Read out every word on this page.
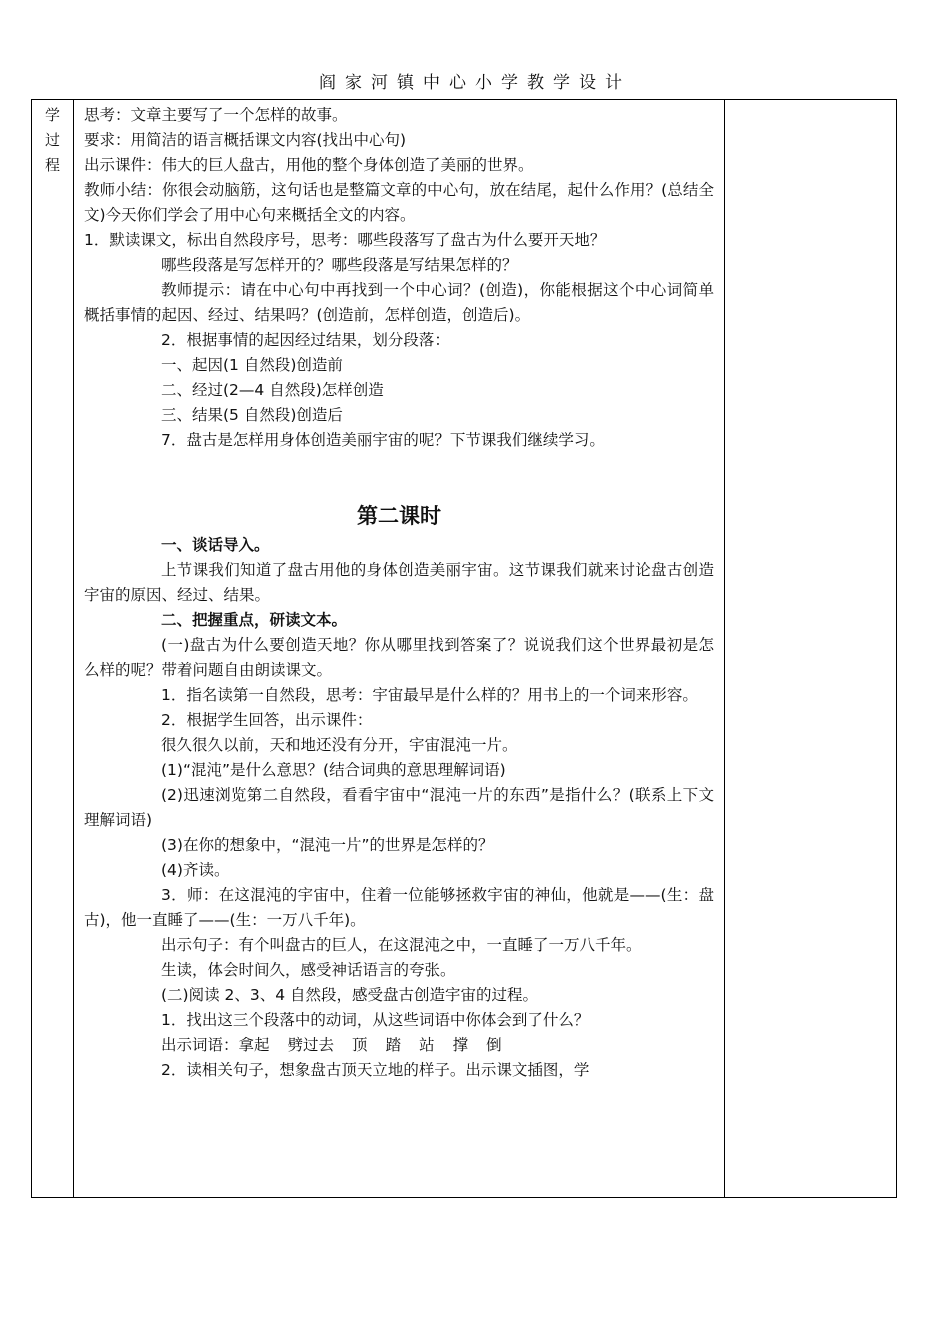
阎家河镇中心小学教学设计
学
过
程

思考：文章主要写了一个怎样的故事。

要求：用简洁的语言概括课文内容(找出中心句)

出示课件：伟大的巨人盘古，用他的整个身体创造了美丽的世界。

教师小结：你很会动脑筋，这句话也是整篇文章的中心句，放在结尾，起什么作用？(总结全文)今天你们学会了用中心句来概括全文的内容。

1．默读课文，标出自然段序号，思考：哪些段落写了盘古为什么要开天地？

哪些段落是写怎样开的？哪些段落是写结果怎样的？

教师提示：请在中心句中再找到一个中心词？(创造)，你能根据这个中心词简单概括事情的起因、经过、结果吗？(创造前，怎样创造，创造后)。

2．根据事情的起因经过结果，划分段落：

一、起因(1 自然段)创造前

二、经过(2—4 自然段)怎样创造

三、结果(5 自然段)创造后

7．盘古是怎样用身体创造美丽宇宙的呢？下节课我们继续学习。

第二课时

一、谈话导入。

上节课我们知道了盘古用他的身体创造美丽宇宙。这节课我们就来讨论盘古创造宇宙的原因、经过、结果。

二、把握重点，研读文本。

(一)盘古为什么要创造天地？你从哪里找到答案了？说说我们这个世界最初是怎么样的呢？带着问题自由朗读课文。

1．指名读第一自然段，思考：宇宙最早是什么样的？用书上的一个词来形容。

2．根据学生回答，出示课件：

很久很久以前，天和地还没有分开，宇宙混沌一片。

(1)“混沌”是什么意思？(结合词典的意思理解词语)

(2)迅速浏览第二自然段，看看宇宙中“混沌一片的东西”是指什么？(联系上下文理解词语)

(3)在你的想象中，“混沌一片”的世界是怎样的？

(4)齐读。

3．师：在这混沌的宇宙中，住着一位能够拯救宇宙的神仙，他就是——(生：盘古)，他一直睡了——(生：一万八千年)。

出示句子：有个叫盘古的巨人，在这混沌之中，一直睡了一万八千年。

生读，体会时间久，感受神话语言的夸张。

(二)阅读 2、3、4 自然段，感受盘古创造宇宙的过程。

1．找出这三个段落中的动词，从这些词语中你体会到了什么？

出示词语：拿起 劈过去 顶 踏 站 撑 倒

2．读相关句子，想象盘古顶天立地的样子。出示课文插图，学
